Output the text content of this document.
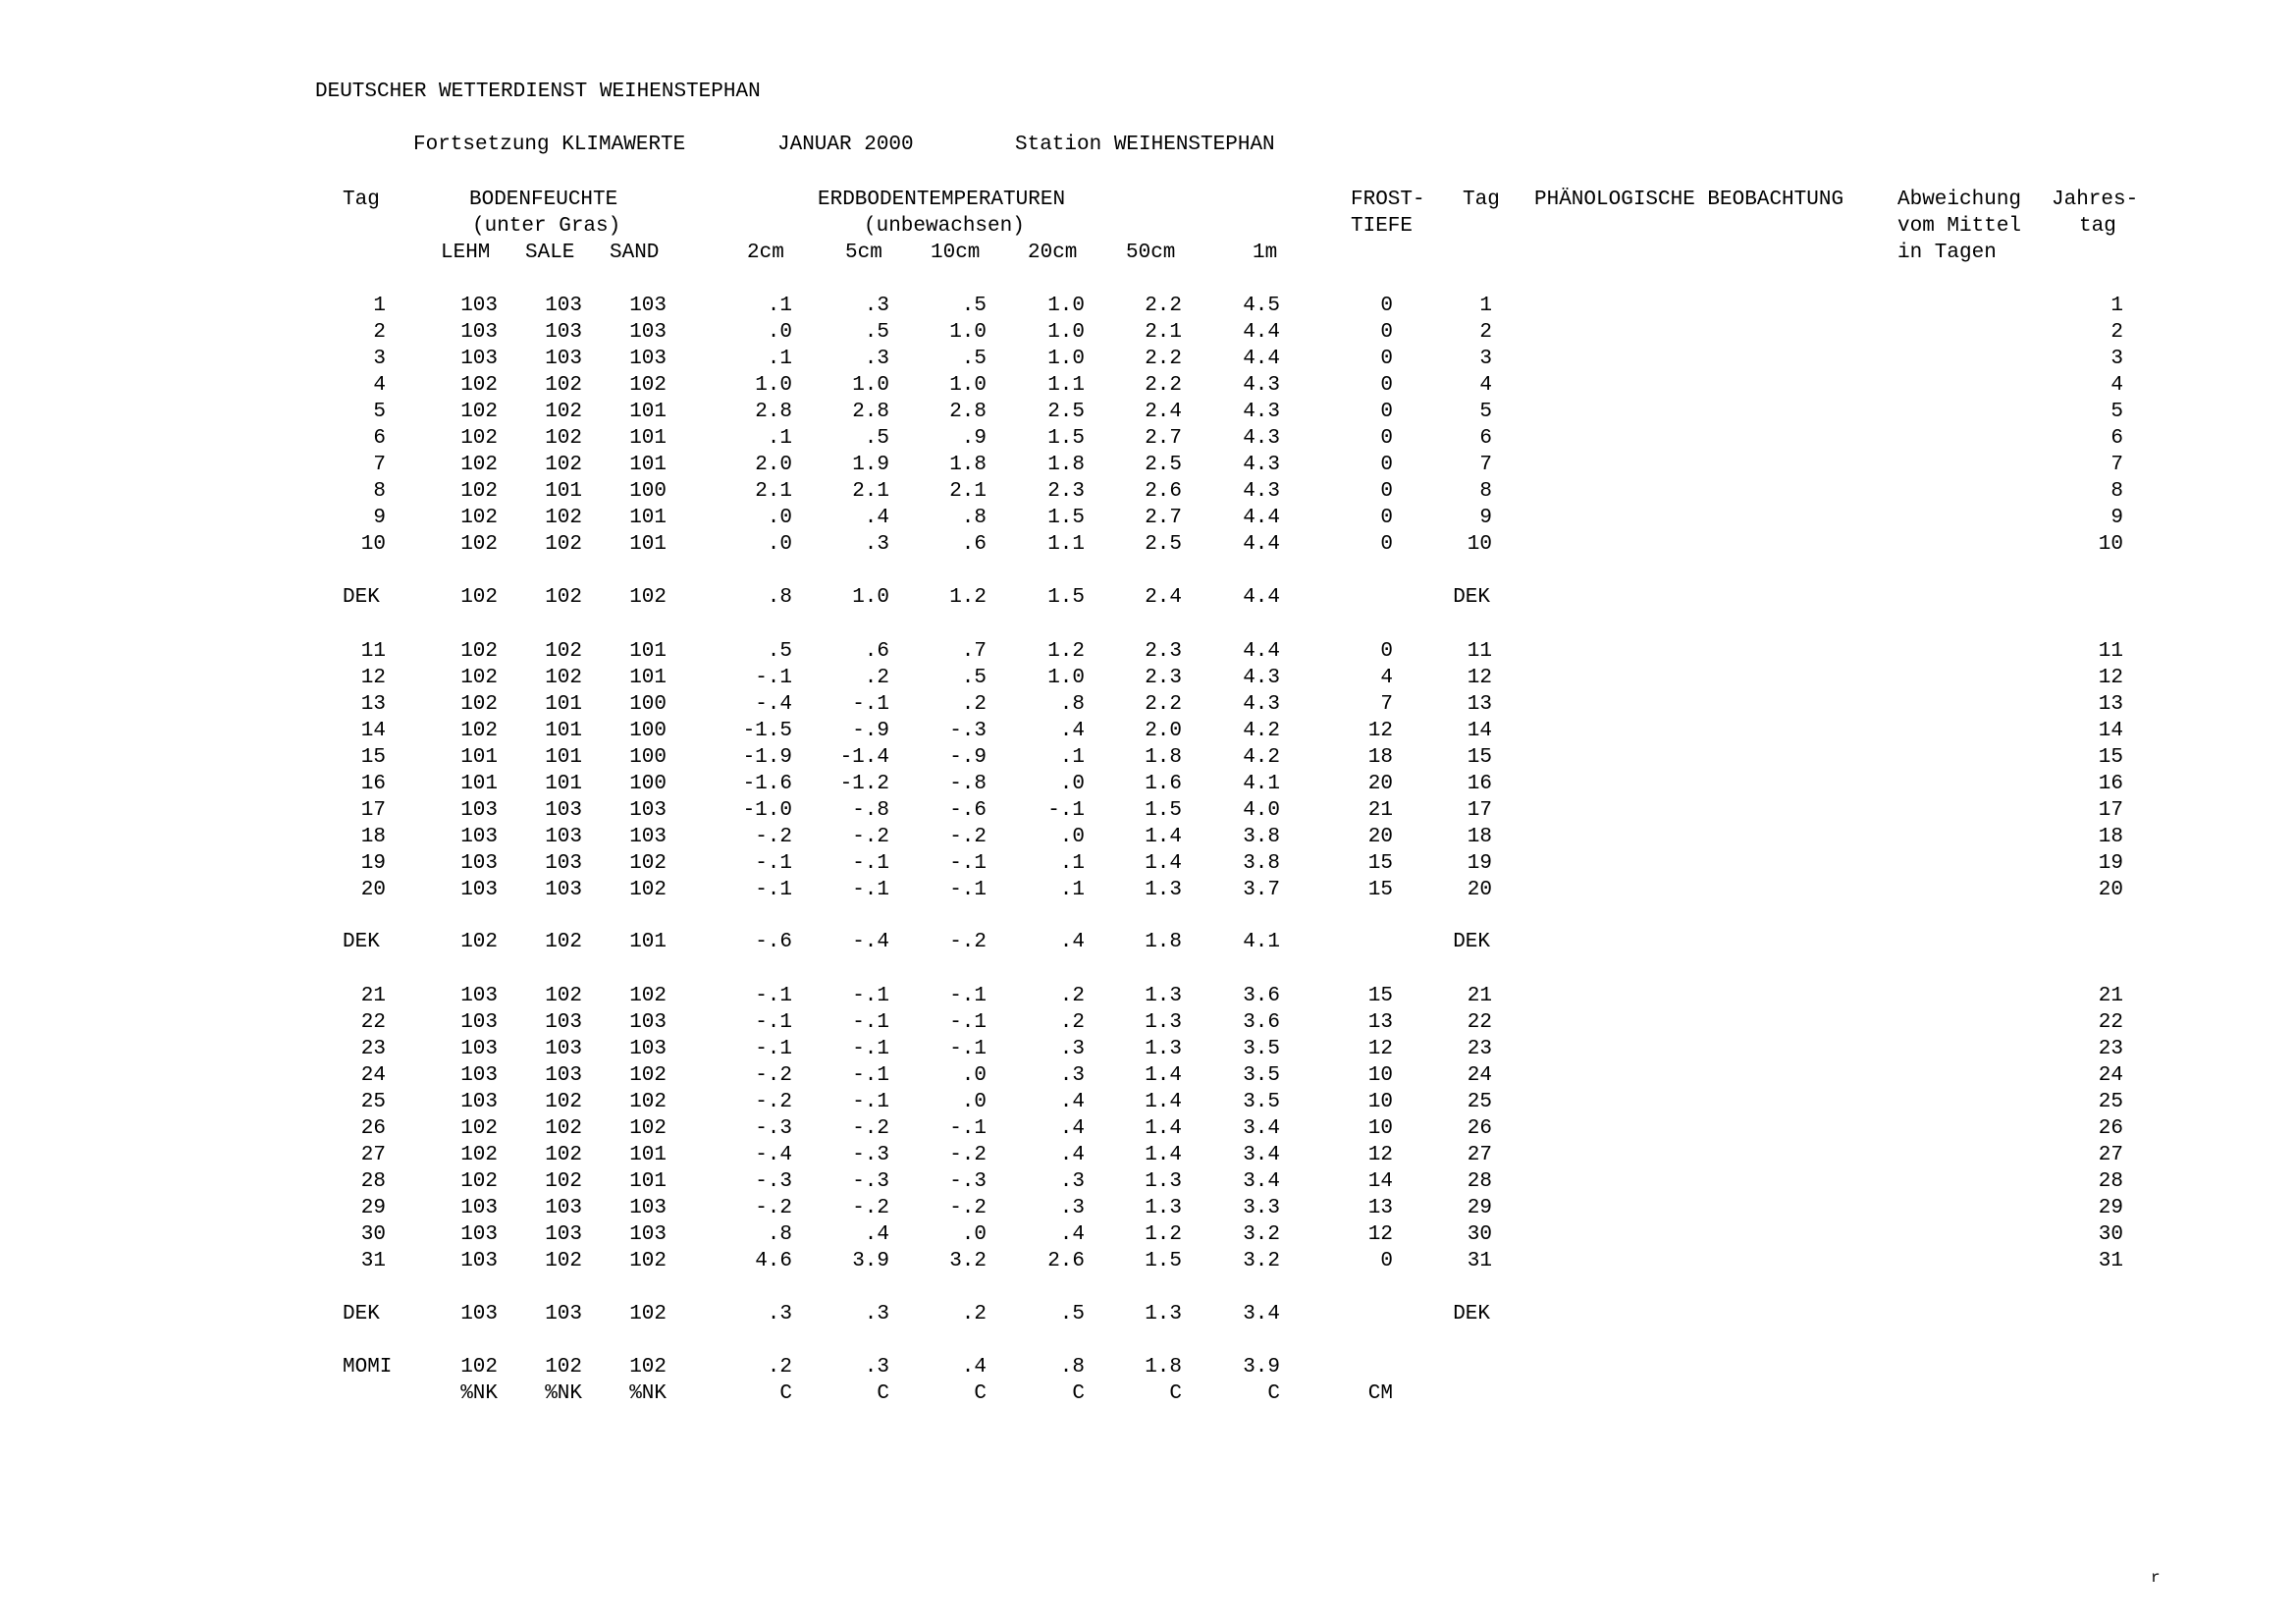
DEUTSCHER WETTERDIENST WEIHENSTEPHAN
Fortsetzung KLIMAWERTE	JANUAR 2000	Station WEIHENSTEPHAN
Tag	BODENFEUCHTE
(unter Gras)
LEHM SALE SAND
ERDBODENTEMPERATUREN
(unbewachsen)
2cm	5cm 10cm 20cm 50cm	1m
FROST-
TIEFE
Tag PHÄNOLOGISCHE BEOBACHTUNG	Abweichung
vom Mittel
in Tagen
Jahres-
tag
1	103 103 103	.1	.3	.5	1.0	2.2	4.5	0	1	1
2	103 103 103	.0	.5	1.0	1.0	2.1	4.4	0	2	2
3	103 103 103	.1	.3	.5	1.0	2.2	4.4	0	3	3
4	102 102 102	1.0	1.0	1.0	1.1	2.2	4.3	0	4	4
5	102 102 101	2.8	2.8	2.8	2.5	2.4	4.3	0	5	5
6	102 102 101	.1	.5	.9	1.5	2.7	4.3	0	6	6
7	102 102 101	2.0	1.9	1.8	1.8	2.5	4.3	0	7	7
8	102 101 100	2.1	2.1	2.1	2.3	2.6	4.3	0	8	8
9	102 102 101	.0	.4	.8	1.5	2.7	4.4	0	9	9
10	102 102 101	.0	.3	.6	1.1	2.5	4.4	0	10	10
DEK	102 102 102	.8	1.0	1.2	1.5	2.4	4.4	DEK
11	102 102 101	.5	.6	.7	1.2	2.3	4.4	0	11	11
12	102 102 101	-.1	.2	.5	1.0	2.3	4.3	4	12	12
13	102 101 100	-.4	-.1	.2	.8	2.2	4.3	7	13	13
14	102 101 100	-1.5	-.9	-.3	.4	2.0	4.2	12	14	14
15	101 101 100	-1.9 -1.4	-.9	.1	1.8	4.2	18	15	15
16	101 101 100	-1.6 -1.2	-.8	.0	1.6	4.1	20	16	16
17	103 103 103	-1.0	-.8	-.6	-.1	1.5	4.0	21	17	17
18	103 103 103	-.2	-.2	-.2	.0	1.4	3.8	20	18	18
19	103 103 102	-.1	-.1	-.1	.1	1.4	3.8	15	19	19
20	103 103 102	-.1	-.1	-.1	.1	1.3	3.7	15	20	20
DEK	102 102 101	-.6	-.4	-.2	.4	1.8	4.1	DEK
21	103 102 102	-.1	-.1	-.1	.2	1.3	3.6	15	21	21
22	103 103 103	-.1	-.1	-.1	.2	1.3	3.6	13	22	22
23	103 103 103	-.1	-.1	-.1	.3	1.3	3.5	12	23	23
24	103 103 102	-.2	-.1	.0	.3	1.4	3.5	10	24	24
25	103 102 102	-.2	-.1	.0	.4	1.4	3.5	10	25	25
26	102 102 102	-.3	-.2	-.1	.4	1.4	3.4	10	26	26
27	102 102 101	-.4	-.3	-.2	.4	1.4	3.4	12	27	27
28	102 102 101	-.3	-.3	-.3	.3	1.3	3.4	14	28	28
29	103 103 103	-.2	-.2	-.2	.3	1.3	3.3	13	29	29
30	103 103 103	.8	.4	.0	.4	1.2	3.2	12	30	30
31	103 102 102	4.6	3.9	3.2	2.6	1.5	3.2	0	31	31
DEK	103 103 102	.3	.3	.2	.5	1.3	3.4	DEK
MOMI	102 102 102	.2	.3	.4	.8	1.8	3.9
%NK %NK %NK	C	C	C	C	C	C	CM
r
